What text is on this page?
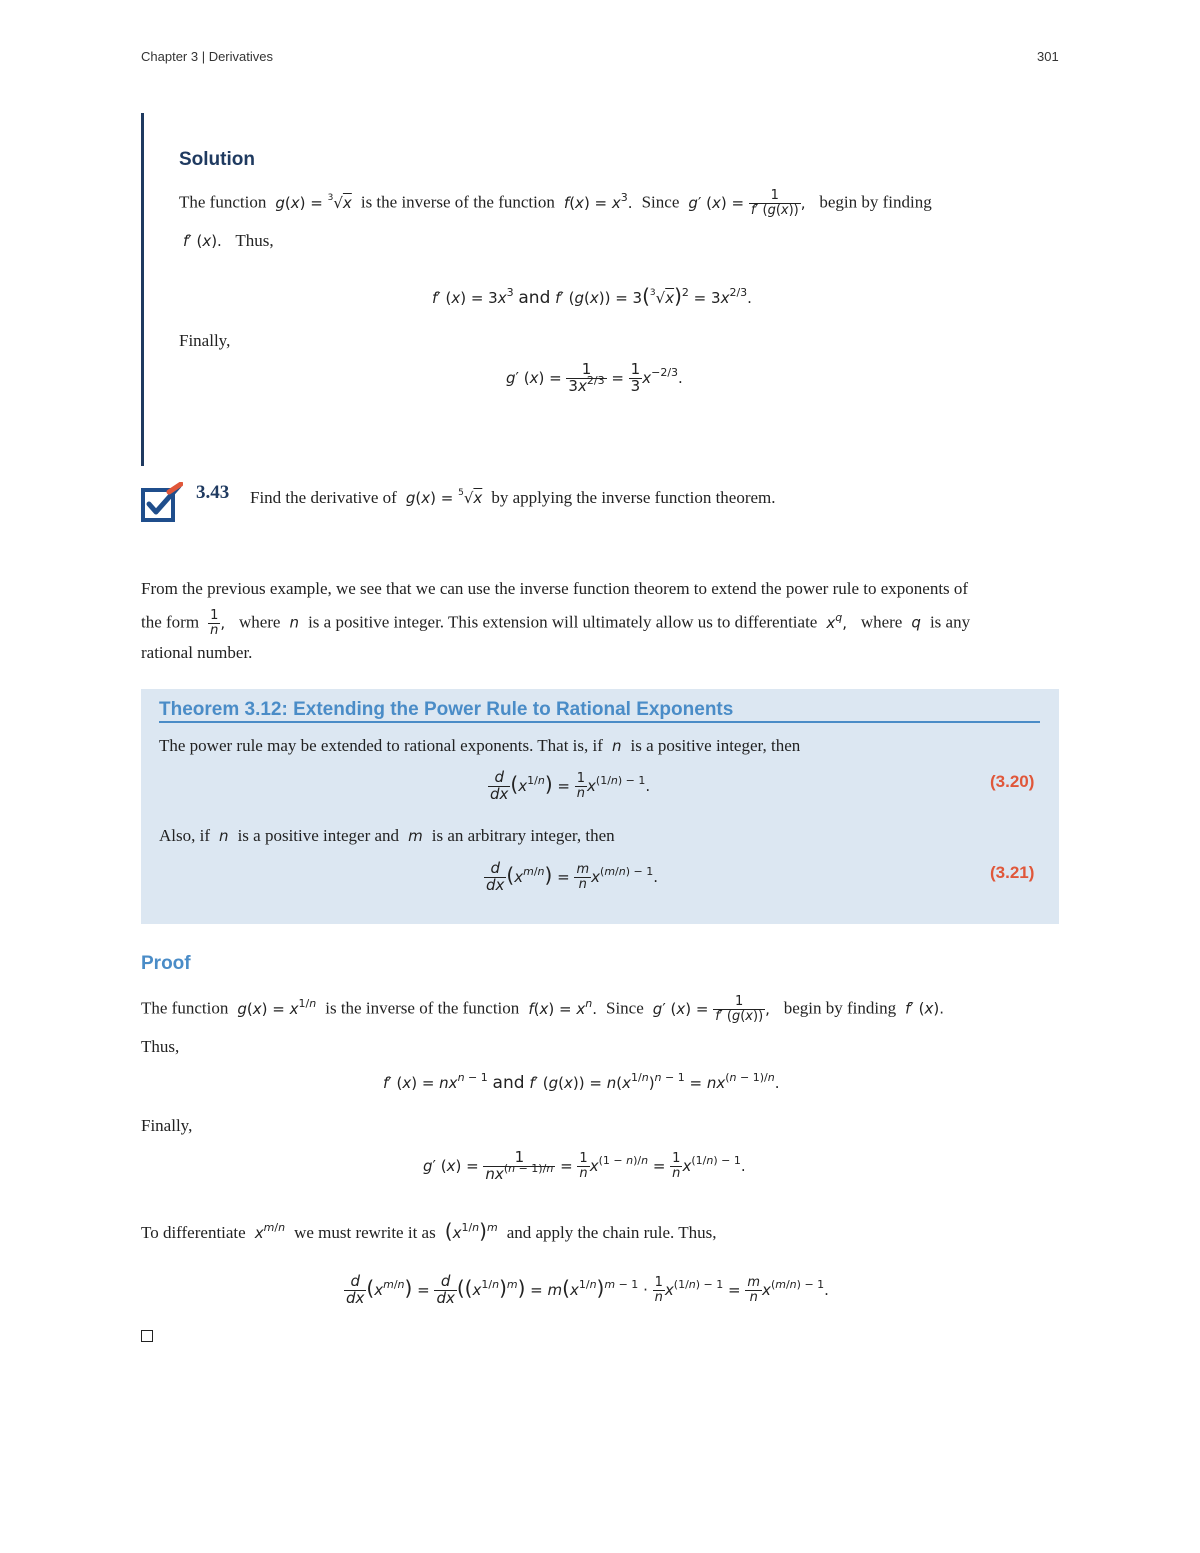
Chapter 3 | Derivatives	301
Solution
The function g(x) = $^3$√x is the inverse of the function $f(x) = x^3$.  Since g′ $(x) = \frac{1}{f' (g(x))}$ ,   begin by finding
f′ (x).   Thus,
f′ $(x) = 3x^3$ and f′ $(g(x)) = 3(^3√x)^2 = 3x^{2/3}$.
Finally,
g′ $(x) = \frac{1}{3x^{2/3}} = \frac{1}{3} x^{-2/3}$.
3.43 Find the derivative of g(x) = $^5$√x by applying the inverse function theorem.
From the previous example, we see that we can use the inverse function theorem to extend the power rule to exponents of
the form $\frac{1}{n}$ ,   where n is a positive integer. This extension will ultimately allow us to differentiate $x^q$,   where q is any
rational number.
Theorem 3.12: Extending the Power Rule to Rational Exponents
The power rule may be extended to rational exponents. That is, if n is a positive integer, then
$\frac{d}{dx} (x^{1/n}) = \frac{1}{n} x^{(1/n) - 1}$.	(3.20)
Also, if n is a positive integer and m is an arbitrary integer, then
$\frac{d}{dx} (x^{m/n}) = \frac{m}{n} x^{(m/n) - 1}$.	(3.21)
Proof
The function $g(x) = x^{1/n}$ is the inverse of the function $f(x) = x^n$.  Since g′ $(x) = \frac{1}{f' (g(x))}$ ,   begin by finding f′ (x).
Thus,
f′ $(x) = nx^{n - 1}$ and f′ $(g(x)) = n(x^{1/n})^{n - 1} = nx^{(n - 1)/n}$.
Finally,
g′ $(x) = \frac{1}{nx^{(n - 1)/n}} = \frac{1}{n} x^{(1 - n)/n} = \frac{1}{n} x^{(1/n) - 1}$.
To differentiate $x^{m/n}$ we must rewrite it as $(x^{1/n})^m$ and apply the chain rule. Thus,
$\frac{d}{dx} (x^{m/n}) = \frac{d}{dx} ((x^{1/n})^m) = m(x^{1/n})^{m - 1} \cdot \frac{1}{n} x^{(1/n) - 1} = \frac{m}{n} x^{(m/n) - 1}$.
